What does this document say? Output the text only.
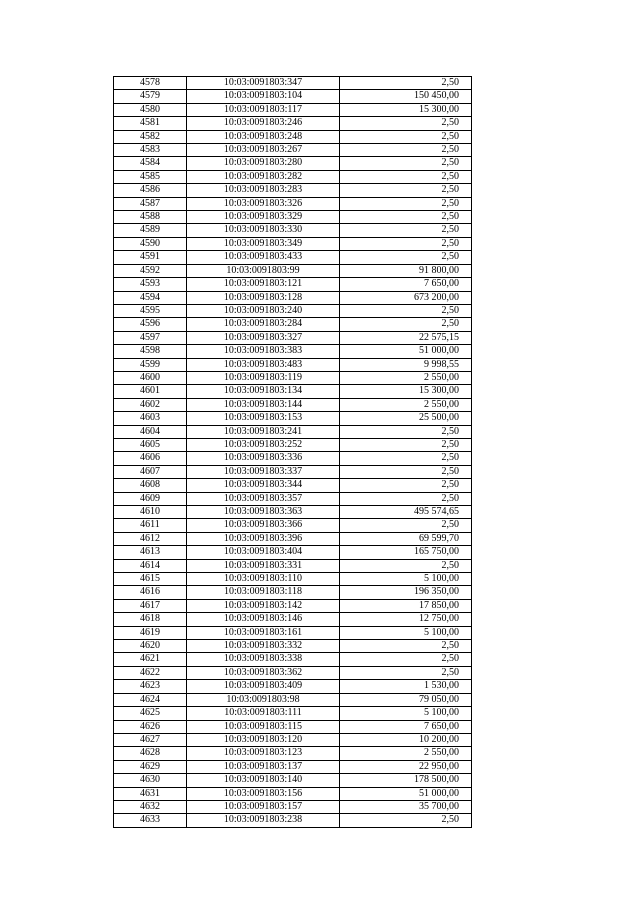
4578	10:03:0091803:347	2,50
4579	10:03:0091803:104	150 450,00
4580	10:03:0091803:117	15 300,00
4581	10:03:0091803:246	2,50
4582	10:03:0091803:248	2,50
4583	10:03:0091803:267	2,50
4584	10:03:0091803:280	2,50
4585	10:03:0091803:282	2,50
4586	10:03:0091803:283	2,50
4587	10:03:0091803:326	2,50
4588	10:03:0091803:329	2,50
4589	10:03:0091803:330	2,50
4590	10:03:0091803:349	2,50
4591	10:03:0091803:433	2,50
4592	10:03:0091803:99	91 800,00
4593	10:03:0091803:121	7 650,00
4594	10:03:0091803:128	673 200,00
4595	10:03:0091803:240	2,50
4596	10:03:0091803:284	2,50
4597	10:03:0091803:327	22 575,15
4598	10:03:0091803:383	51 000,00
4599	10:03:0091803:483	9 998,55
4600	10:03:0091803:119	2 550,00
4601	10:03:0091803:134	15 300,00
4602	10:03:0091803:144	2 550,00
4603	10:03:0091803:153	25 500,00
4604	10:03:0091803:241	2,50
4605	10:03:0091803:252	2,50
4606	10:03:0091803:336	2,50
4607	10:03:0091803:337	2,50
4608	10:03:0091803:344	2,50
4609	10:03:0091803:357	2,50
4610	10:03:0091803:363	495 574,65
4611	10:03:0091803:366	2,50
4612	10:03:0091803:396	69 599,70
4613	10:03:0091803:404	165 750,00
4614	10:03:0091803:331	2,50
4615	10:03:0091803:110	5 100,00
4616	10:03:0091803:118	196 350,00
4617	10:03:0091803:142	17 850,00
4618	10:03:0091803:146	12 750,00
4619	10:03:0091803:161	5 100,00
4620	10:03:0091803:332	2,50
4621	10:03:0091803:338	2,50
4622	10:03:0091803:362	2,50
4623	10:03:0091803:409	1 530,00
4624	10:03:0091803:98	79 050,00
4625	10:03:0091803:111	5 100,00
4626	10:03:0091803:115	7 650,00
4627	10:03:0091803:120	10 200,00
4628	10:03:0091803:123	2 550,00
4629	10:03:0091803:137	22 950,00
4630	10:03:0091803:140	178 500,00
4631	10:03:0091803:156	51 000,00
4632	10:03:0091803:157	35 700,00
4633	10:03:0091803:238	2,50
